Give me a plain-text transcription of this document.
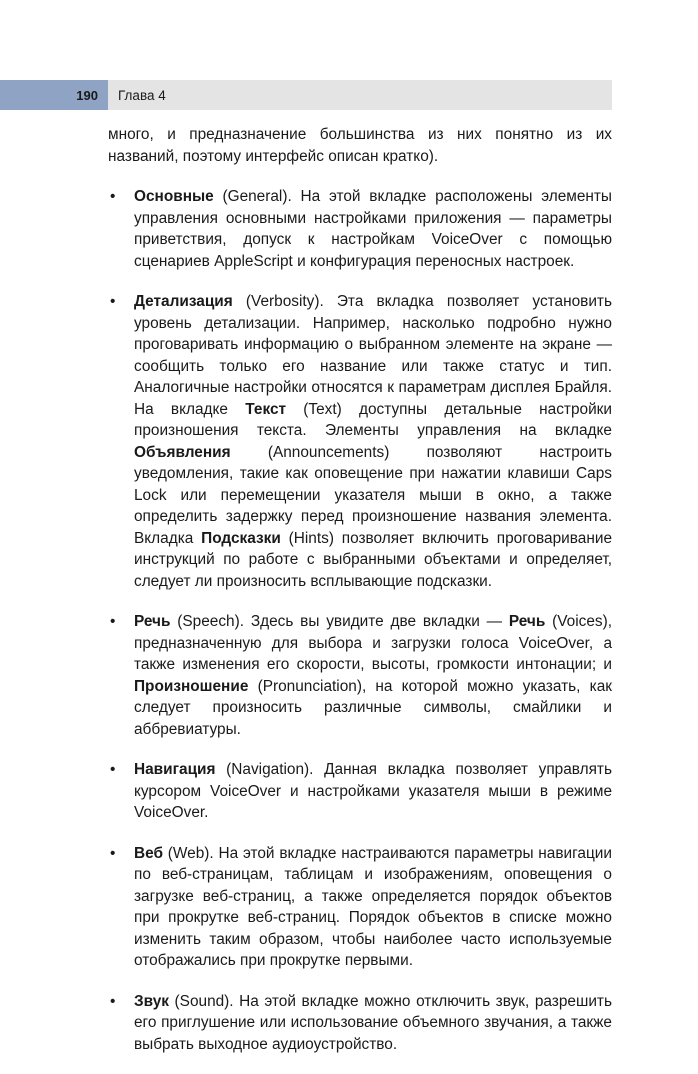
190	Глава 4

много, и предназначение большинства из них понятно из их названий, поэтому интерфейс описан кратко).

• Основные (General). На этой вкладке расположены элементы управления основными настройками приложения — параметры приветствия, допуск к настройкам VoiceOver с помощью сценариев AppleScript и конфигурация переносных настроек.
• Детализация (Verbosity). Эта вкладка позволяет установить уровень детализации. Например, насколько подробно нужно проговаривать информацию о выбранном элементе на экране — сообщить только его название или также статус и тип. Аналогичные настройки относятся к параметрам дисплея Брайля. На вкладке Текст (Text) доступны детальные настройки произношения текста. Элементы управления на вкладке Объявления (Announcements) позволяют настроить уведомления, такие как оповещение при нажатии клавиши Caps Lock или перемещении указателя мыши в окно, а также определить задержку перед произношение названия элемента. Вкладка Подсказки (Hints) позволяет включить проговаривание инструкций по работе с выбранными объектами и определяет, следует ли произносить всплывающие подсказки.
• Речь (Speech). Здесь вы увидите две вкладки — Речь (Voices), предназначенную для выбора и загрузки голоса VoiceOver, а также изменения его скорости, высоты, громкости интонации; и Произношение (Pronunciation), на которой можно указать, как следует произносить различные символы, смайлики и аббревиатуры.
• Навигация (Navigation). Данная вкладка позволяет управлять курсором VoiceOver и настройками указателя мыши в режиме VoiceOver.
• Веб (Web). На этой вкладке настраиваются параметры навигации по веб-страницам, таблицам и изображениям, оповещения о загрузке веб-страниц, а также определяется порядок объектов при прокрутке веб-страниц. Порядок объектов в списке можно изменить таким образом, чтобы наиболее часто используемые отображались при прокрутке первыми.
• Звук (Sound). На этой вкладке можно отключить звук, разрешить его приглушение или использование объемного звучания, а также выбрать выходное аудиоустройство.
